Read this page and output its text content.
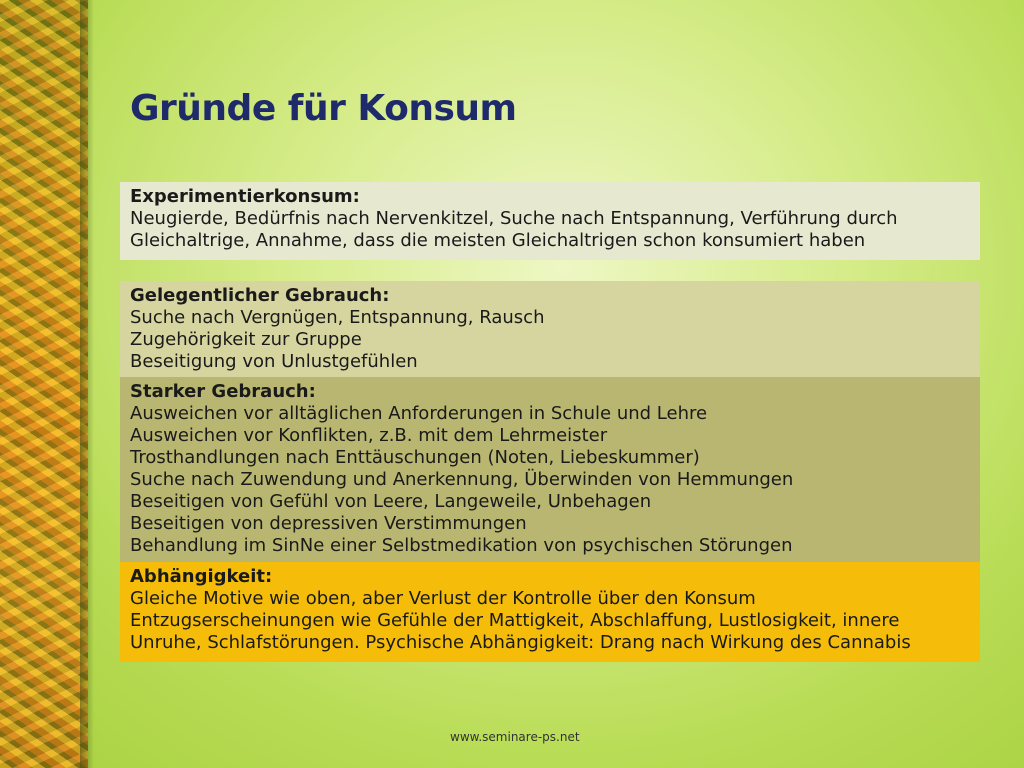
Gründe für Konsum
Experimentierkonsum:
Neugierde, Bedürfnis nach Nervenkitzel, Suche nach Entspannung, Verführung durch
Gleichaltrige, Annahme, dass die meisten Gleichaltrigen schon konsumiert haben
Gelegentlicher Gebrauch:
Suche nach Vergnügen, Entspannung, Rausch
Zugehörigkeit zur Gruppe
Beseitigung von Unlustgefühlen
Starker Gebrauch:
Ausweichen vor alltäglichen Anforderungen in Schule und Lehre
Ausweichen vor Konflikten, z.B. mit dem Lehrmeister
Trosthandlungen nach Enttäuschungen (Noten, Liebeskummer)
Suche nach Zuwendung und Anerkennung, Überwinden von Hemmungen
Beseitigen von Gefühl von Leere, Langeweile, Unbehagen
Beseitigen von depressiven Verstimmungen
Behandlung im SinNe einer Selbstmedikation von psychischen Störungen
Abhängigkeit:
Gleiche Motive wie oben, aber Verlust der Kontrolle über den Konsum
Entzugserscheinungen wie Gefühle der Mattigkeit, Abschlaffung, Lustlosigkeit, innere
Unruhe, Schlafstörungen. Psychische Abhängigkeit: Drang nach Wirkung des Cannabis
www.seminare-ps.net
